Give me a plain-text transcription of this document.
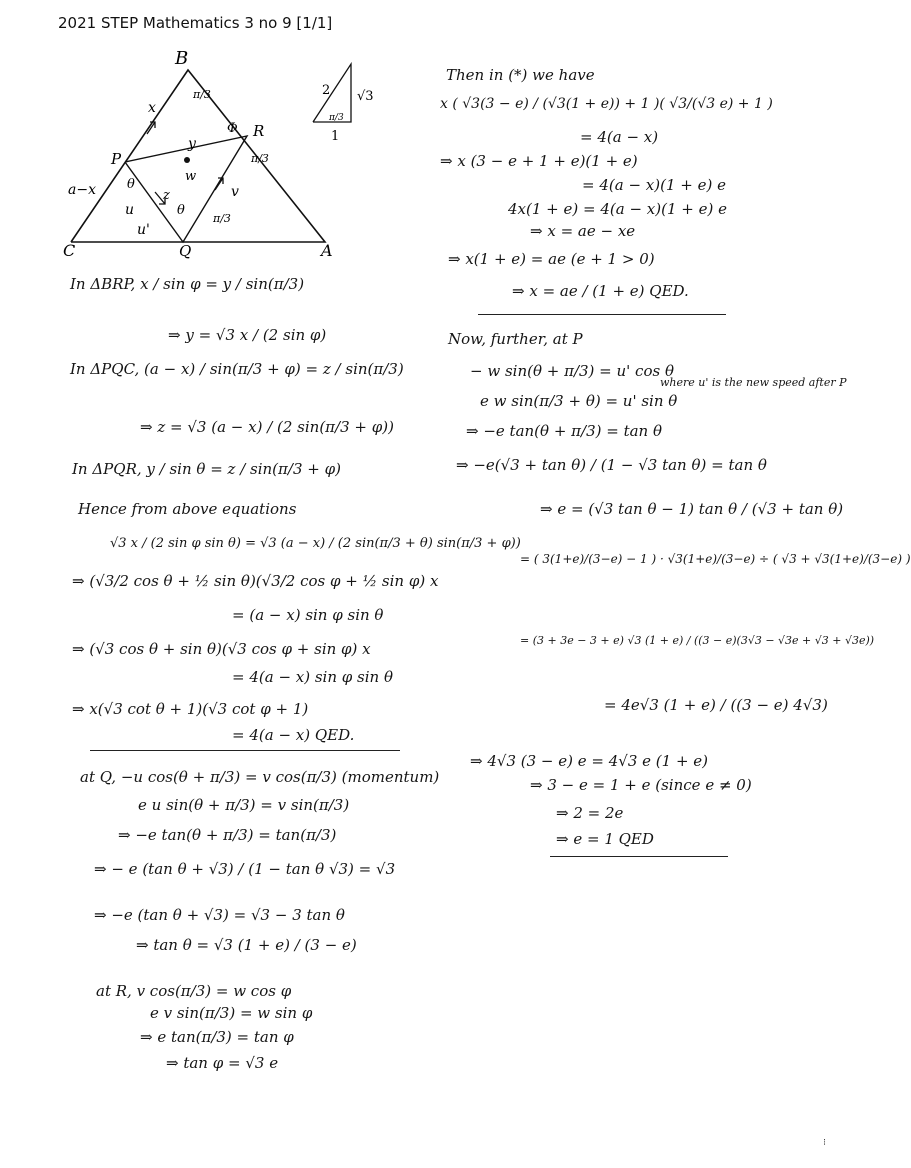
2021 STEP Mathematics 3 no 9 [1/1]
B
C	A
P
Q
R
x
a−x
π/3
Φ
π/3
θ
θ
π/3
y
w
z	v
u
u'
2 √3
1
π/3
In ΔBRP, x / sin φ = y / sin(π/3)
⇒ y = √3 x / (2 sin φ)
In ΔPQC, (a − x) / sin(π/3 + φ) = z / sin(π/3)
⇒ z = √3 (a − x) / (2 sin(π/3 + φ))
In ΔPQR, y / sin θ = z / sin(π/3 + φ)
Hence from above equations
√3 x / (2 sin φ sin θ) = √3 (a − x) / (2 sin(π/3 + θ) sin(π/3 + φ))
⇒ (√3/2 cos θ + ½ sin θ)(√3/2 cos φ + ½ sin φ) x
= (a − x) sin φ sin θ
⇒ (√3 cos θ + sin θ)(√3 cos φ + sin φ) x
= 4(a − x) sin φ sin θ
⇒ x(√3 cot θ + 1)(√3 cot φ + 1)
= 4(a − x) QED.
at Q, −u cos(θ + π/3) = v cos(π/3) (momentum)
e u sin(θ + π/3) = v sin(π/3)
⇒ −e tan(θ + π/3) = tan(π/3)
⇒ − e (tan θ + √3) / (1 − tan θ √3) = √3
⇒ −e (tan θ + √3) = √3 − 3 tan θ
⇒ tan θ = √3 (1 + e) / (3 − e)
at R, v cos(π/3) = w cos φ
e v sin(π/3) = w sin φ
⇒ e tan(π/3) = tan φ
⇒ tan φ = √3 e
Then in (*) we have
x ( √3(3 − e) / (√3(1 + e)) + 1 )( √3/(√3 e) + 1 )
= 4(a − x)
⇒ x (3 − e + 1 + e)(1 + e)
= 4(a − x)(1 + e) e
4x(1 + e) = 4(a − x)(1 + e) e
⇒ x = ae − xe
⇒ x(1 + e) = ae (e + 1 > 0)
⇒ x = ae / (1 + e) QED.
Now, further, at P
− w sin(θ + π/3) = u' cos θ
e w sin(π/3 + θ) = u' sin θ
where u' is the new speed after P
⇒ −e tan(θ + π/3) = tan θ
⇒ −e(√3 + tan θ) / (1 − √3 tan θ) = tan θ
⇒ e = (√3 tan θ − 1) tan θ / (√3 + tan θ)
= ( 3(1+e)/(3−e) − 1 ) · √3(1+e)/(3−e) ÷ ( √3 + √3(1+e)/(3−e) )
= (3 + 3e − 3 + e) √3 (1 + e) / ((3 − e)(3√3 − √3e + √3 + √3e))
= 4e√3 (1 + e) / ((3 − e) 4√3)
⇒ 4√3 (3 − e) e = 4√3 e (1 + e)
⇒ 3 − e = 1 + e (since e ≠ 0)
⇒ 2 = 2e
⇒ e = 1 QED
⁝
